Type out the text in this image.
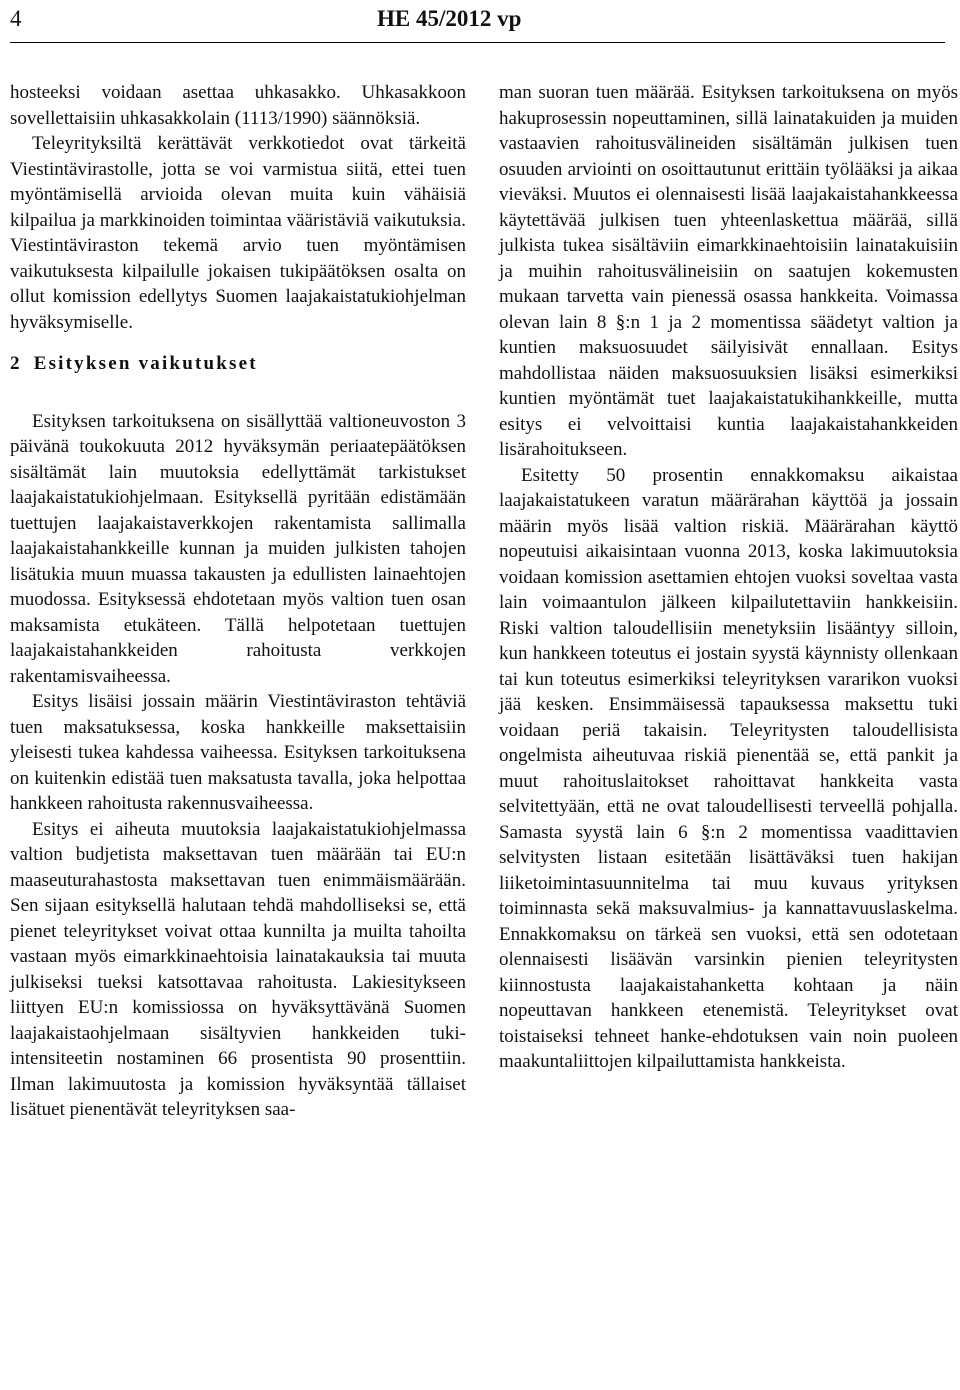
4	HE 45/2012 vp

hosteeksi voidaan asettaa uhkasakko. Uhkasakkoon sovellettaisiin uhkasakkolain (1113/1990) säännöksiä.

Teleyrityksiltä kerättävät verkkotiedot ovat tärkeitä Viestintävirastolle, jotta se voi varmistua siitä, ettei tuen myöntämisellä arvioida olevan muita kuin vähäisiä kilpailua ja markkinoiden toimintaa vääristäviä vaikutuksia. Viestintäviraston tekemä arvio tuen myöntämisen vaikutuksesta kilpailulle jokaisen tukipäätöksen osalta on ollut komission edellytys Suomen laajakaistatukiohjelman hyväksymiselle.

2 Esityksen vaikutukset

Esityksen tarkoituksena on sisällyttää valtioneuvoston 3 päivänä toukokuuta 2012 hyväksymän periaatepäätöksen sisältämät lain muutoksia edellyttämät tarkistukset laajakaistatukiohjelmaan. Esityksellä pyritään edistämään tuettujen laajakaistaverkkojen rakentamista sallimalla laajakaistahankkeille kunnan ja muiden julkisten tahojen lisätukia muun muassa takausten ja edullisten lainaehtojen muodossa. Esityksessä ehdotetaan myös valtion tuen osan maksamista etukäteen. Tällä helpotetaan tuettujen laajakaistahankkeiden rahoitusta verkkojen rakentamisvaiheessa.

Esitys lisäisi jossain määrin Viestintäviraston tehtäviä tuen maksatuksessa, koska hankkeille maksettaisiin yleisesti tukea kahdessa vaiheessa. Esityksen tarkoituksena on kuitenkin edistää tuen maksatusta tavalla, joka helpottaa hankkeen rahoitusta rakennusvaiheessa.

Esitys ei aiheuta muutoksia laajakaistatukiohjelmassa valtion budjetista maksettavan tuen määrään tai EU:n maaseuturahastosta maksettavan tuen enimmäismäärään. Sen sijaan esityksellä halutaan tehdä mahdolliseksi se, että pienet teleyritykset voivat ottaa kunnilta ja muilta tahoilta vastaan myös eimarkkinaehtoisia lainatakauksia tai muuta julkiseksi tueksi katsottavaa rahoitusta. Lakiesitykseen liittyen EU:n komissiossa on hyväksyttävänä Suomen laajakaistaohjelmaan sisältyvien hankkeiden tuki-intensiteetin nostaminen 66 prosentista 90 prosenttiin. Ilman lakimuutosta ja komission hyväksyntää tällaiset lisätuet pienentävät teleyrityksen saa-

man suoran tuen määrää. Esityksen tarkoituksena on myös hakuprosessin nopeuttaminen, sillä lainatakuiden ja muiden vastaavien rahoitusvälineiden sisältämän julkisen tuen osuuden arviointi on osoittautunut erittäin työlääksi ja aikaa vieväksi. Muutos ei olennaisesti lisää laajakaistahankkeessa käytettävää julkisen tuen yhteenlaskettua määrää, sillä julkista tukea sisältäviin eimarkkinaehtoisiin lainatakuisiin ja muihin rahoitusvälineisiin on saatujen kokemusten mukaan tarvetta vain pienessä osassa hankkeita. Voimassa olevan lain 8 §:n 1 ja 2 momentissa säädetyt valtion ja kuntien maksuosuudet säilyisivät ennallaan. Esitys mahdollistaa näiden maksuosuuksien lisäksi esimerkiksi kuntien myöntämät tuet laajakaistatukihankkeille, mutta esitys ei velvoittaisi kuntia laajakaistahankkeiden lisärahoitukseen.

Esitetty 50 prosentin ennakkomaksu aikaistaa laajakaistatukeen varatun määrärahan käyttöä ja jossain määrin myös lisää valtion riskiä. Määrärahan käyttö nopeutuisi aikaisintaan vuonna 2013, koska lakimuutoksia voidaan komission asettamien ehtojen vuoksi soveltaa vasta lain voimaantulon jälkeen kilpailutettaviin hankkeisiin. Riski valtion taloudellisiin menetyksiin lisääntyy silloin, kun hankkeen toteutus ei jostain syystä käynnisty ollenkaan tai kun toteutus esimerkiksi teleyrityksen vararikon vuoksi jää kesken. Ensimmäisessä tapauksessa maksettu tuki voidaan periä takaisin. Teleyritysten taloudellisista ongelmista aiheutuvaa riskiä pienentää se, että pankit ja muut rahoituslaitokset rahoittavat hankkeita vasta selvitettyään, että ne ovat taloudellisesti terveellä pohjalla. Samasta syystä lain 6 §:n 2 momentissa vaadittavien selvitysten listaan esitetään lisättäväksi tuen hakijan liiketoimintasuunnitelma tai muu kuvaus yrityksen toiminnasta sekä maksuvalmius- ja kannattavuuslaskelma. Ennakkomaksu on tärkeä sen vuoksi, että sen odotetaan olennaisesti lisäävän varsinkin pienien teleyritysten kiinnostusta laajakaistahanketta kohtaan ja näin nopeuttavan hankkeen etenemistä. Teleyritykset ovat toistaiseksi tehneet hanke-ehdotuksen vain noin puoleen maakuntaliittojen kilpailuttamista hankkeista.
